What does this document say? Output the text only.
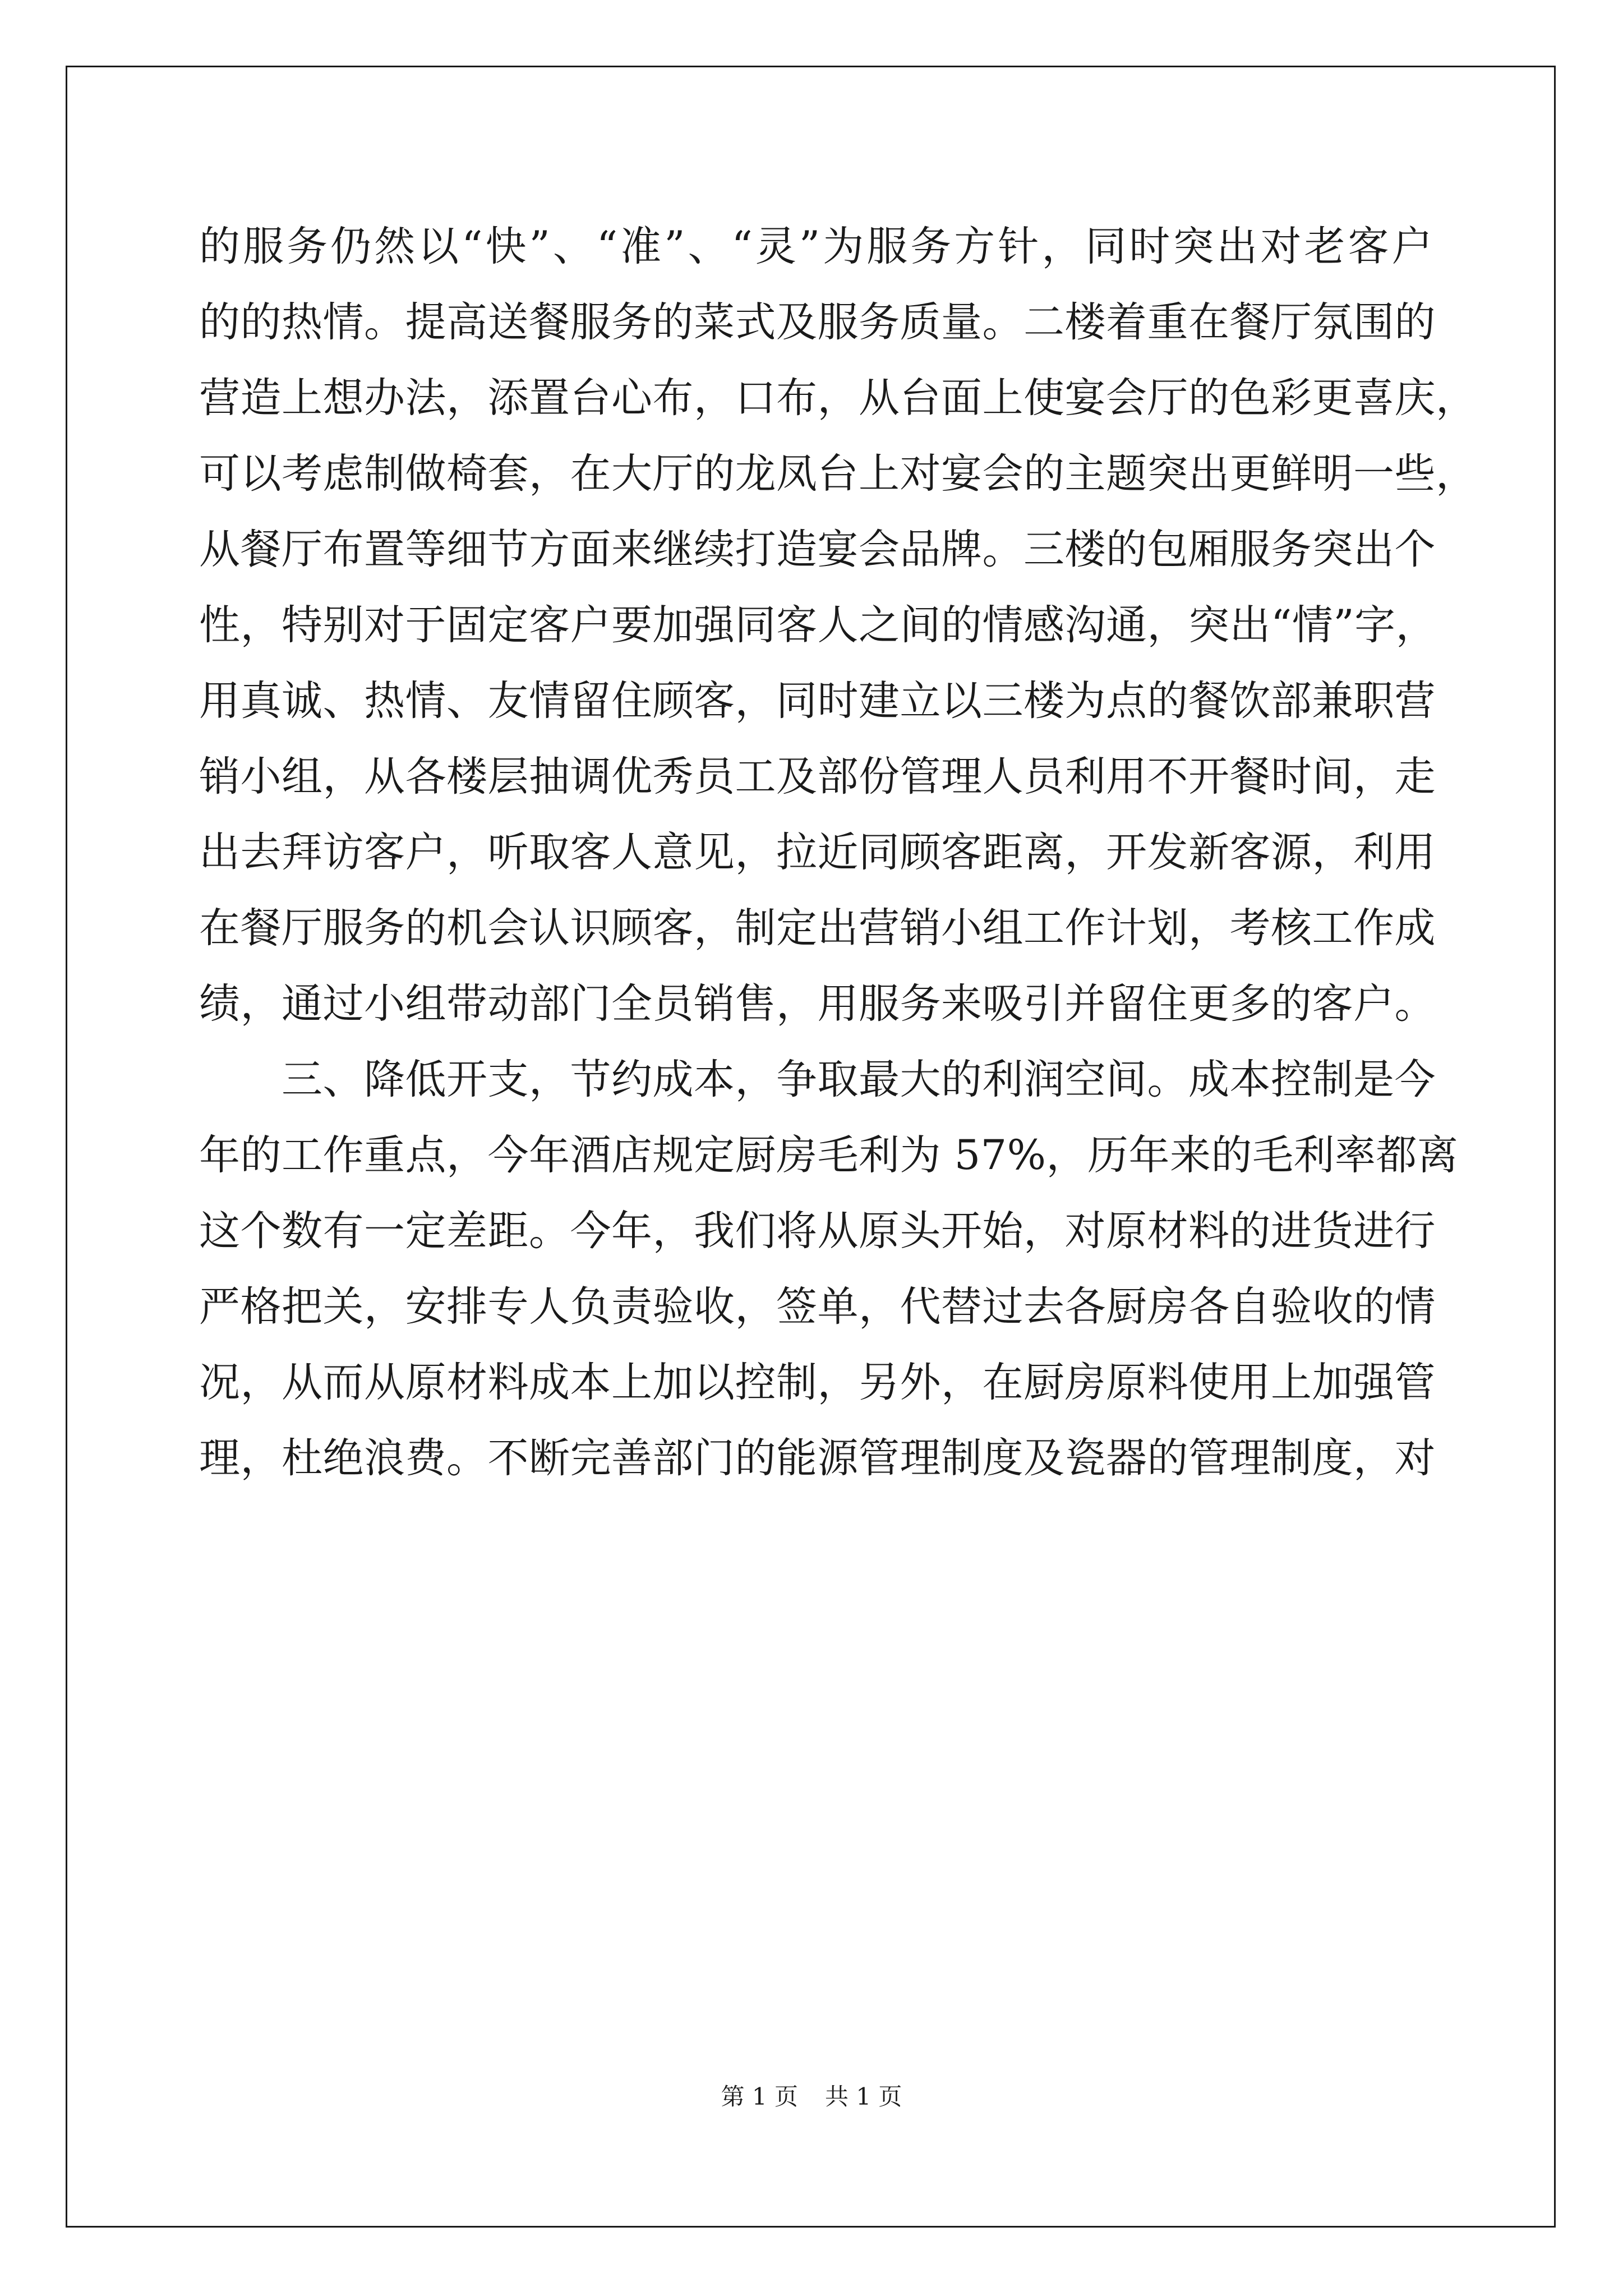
的服务仍然以“快”、“准”、“灵”为服务方针，同时突出对老客户
的的热情。提高送餐服务的菜式及服务质量。二楼着重在餐厅氛围的
营造上想办法，添置台心布，口布，从台面上使宴会厅的色彩更喜庆，
可以考虑制做椅套，在大厅的龙凤台上对宴会的主题突出更鲜明一些，
从餐厅布置等细节方面来继续打造宴会品牌。三楼的包厢服务突出个
性，特别对于固定客户要加强同客人之间的情感沟通，突出“情”字，
用真诚、热情、友情留住顾客，同时建立以三楼为点的餐饮部兼职营
销小组，从各楼层抽调优秀员工及部份管理人员利用不开餐时间，走
出去拜访客户，听取客人意见，拉近同顾客距离，开发新客源，利用
在餐厅服务的机会认识顾客，制定出营销小组工作计划，考核工作成
绩，通过小组带动部门全员销售，用服务来吸引并留住更多的客户。
三、降低开支，节约成本，争取最大的利润空间。成本控制是今
年的工作重点，今年酒店规定厨房毛利为 57%，历年来的毛利率都离
这个数有一定差距。今年，我们将从原头开始，对原材料的进货进行
严格把关，安排专人负责验收，签单，代替过去各厨房各自验收的情
况，从而从原材料成本上加以控制，另外，在厨房原料使用上加强管
理，杜绝浪费。不断完善部门的能源管理制度及瓷器的管理制度，对
第 1 页 共 1 页
